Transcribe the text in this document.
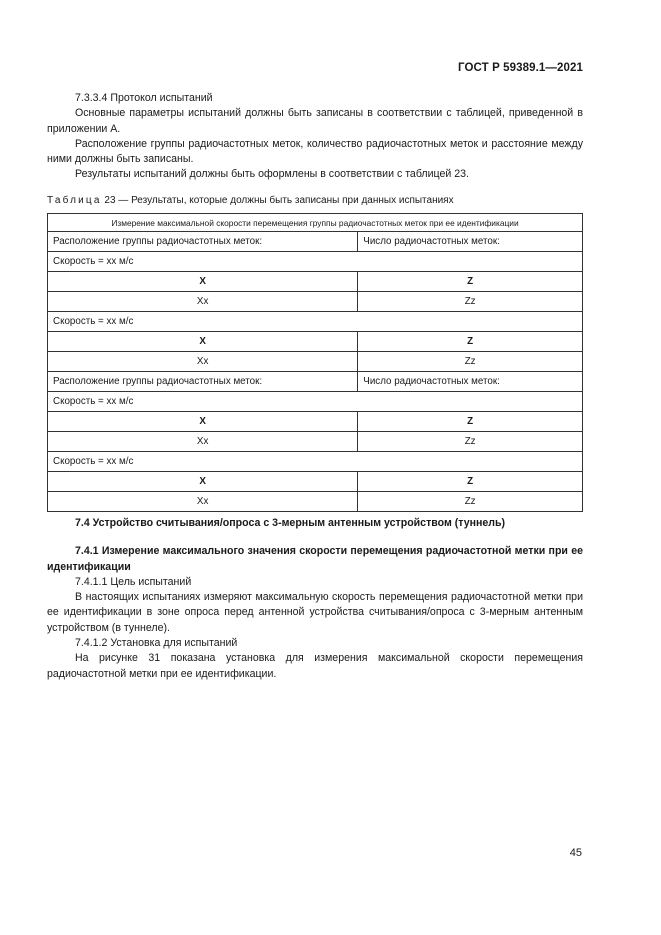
ГОСТ Р 59389.1—2021

7.3.3.4 Протокол испытаний

Основные параметры испытаний должны быть записаны в соответствии с таблицей, приведенной в приложении А.

Расположение группы радиочастотных меток, количество радиочастотных меток и расстояние между ними должны быть записаны.

Результаты испытаний должны быть оформлены в соответствии с таблицей 23.

Таблица 23 — Результаты, которые должны быть записаны при данных испытаниях
Измерение максимальной скорости перемещения группы радиочастотных меток при ее идентификации	
Расположение группы радиочастотных меток:	Число радиочастотных меток:
Скорость = xx м/с	
X	Z
Xx	Zz
Скорость = xx м/с	
X	Z
Xx	Zz
Расположение группы радиочастотных меток:	Число радиочастотных меток:
Скорость = xx м/с	
X	Z
Xx	Zz
Скорость = xx м/с	
X	Z
Xx	Zz

7.4 Устройство считывания/опроса с 3-мерным антенным устройством (туннель)

7.4.1 Измерение максимального значения скорости перемещения радиочастотной метки при ее идентификации

7.4.1.1 Цель испытаний

В настоящих испытаниях измеряют максимальную скорость перемещения радиочастотной метки при ее идентификации в зоне опроса перед антенной устройства считывания/опроса с 3-мерным антенным устройством (в туннеле).

7.4.1.2 Установка для испытаний

На рисунке 31 показана установка для измерения максимальной скорости перемещения радиочастотной метки при ее идентификации.

45
